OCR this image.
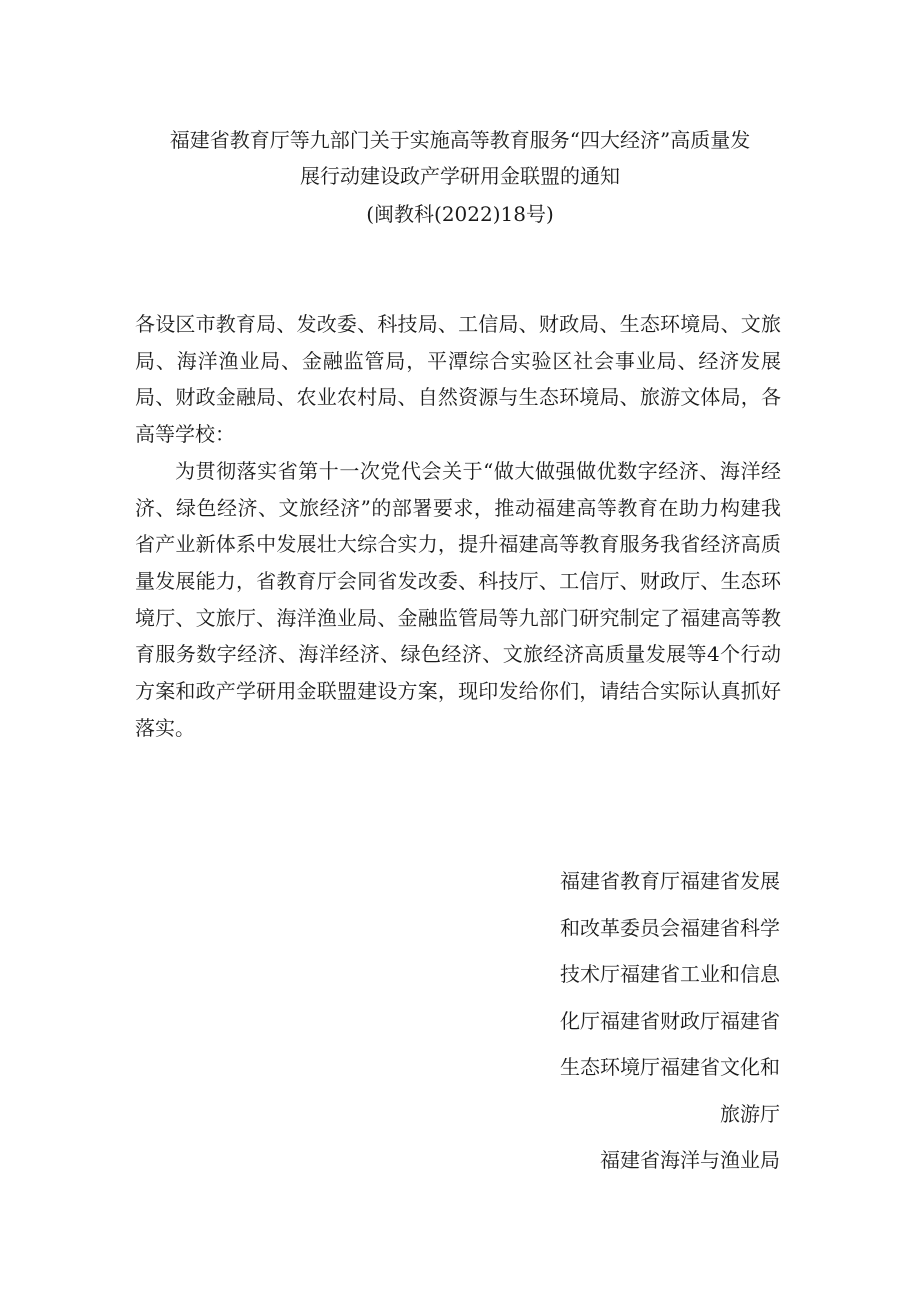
福建省教育厅等九部门关于实施高等教育服务“四大经济”高质量发
展行动建设政产学研用金联盟的通知
(闽教科(2022)18号)

各设区市教育局、发改委、科技局、工信局、财政局、生态环境局、文旅局、海洋渔业局、金融监管局，平潭综合实验区社会事业局、经济发展局、财政金融局、农业农村局、自然资源与生态环境局、旅游文体局，各高等学校：

为贯彻落实省第十一次党代会关于“做大做强做优数字经济、海洋经济、绿色经济、文旅经济”的部署要求，推动福建高等教育在助力构建我省产业新体系中发展壮大综合实力，提升福建高等教育服务我省经济高质量发展能力，省教育厅会同省发改委、科技厅、工信厅、财政厅、生态环境厅、文旅厅、海洋渔业局、金融监管局等九部门研究制定了福建高等教育服务数字经济、海洋经济、绿色经济、文旅经济高质量发展等4个行动方案和政产学研用金联盟建设方案，现印发给你们，请结合实际认真抓好落实。

福建省教育厅福建省发展
和改革委员会福建省科学
技术厅福建省工业和信息
化厅福建省财政厅福建省
生态环境厅福建省文化和
旅游厅
福建省海洋与渔业局
